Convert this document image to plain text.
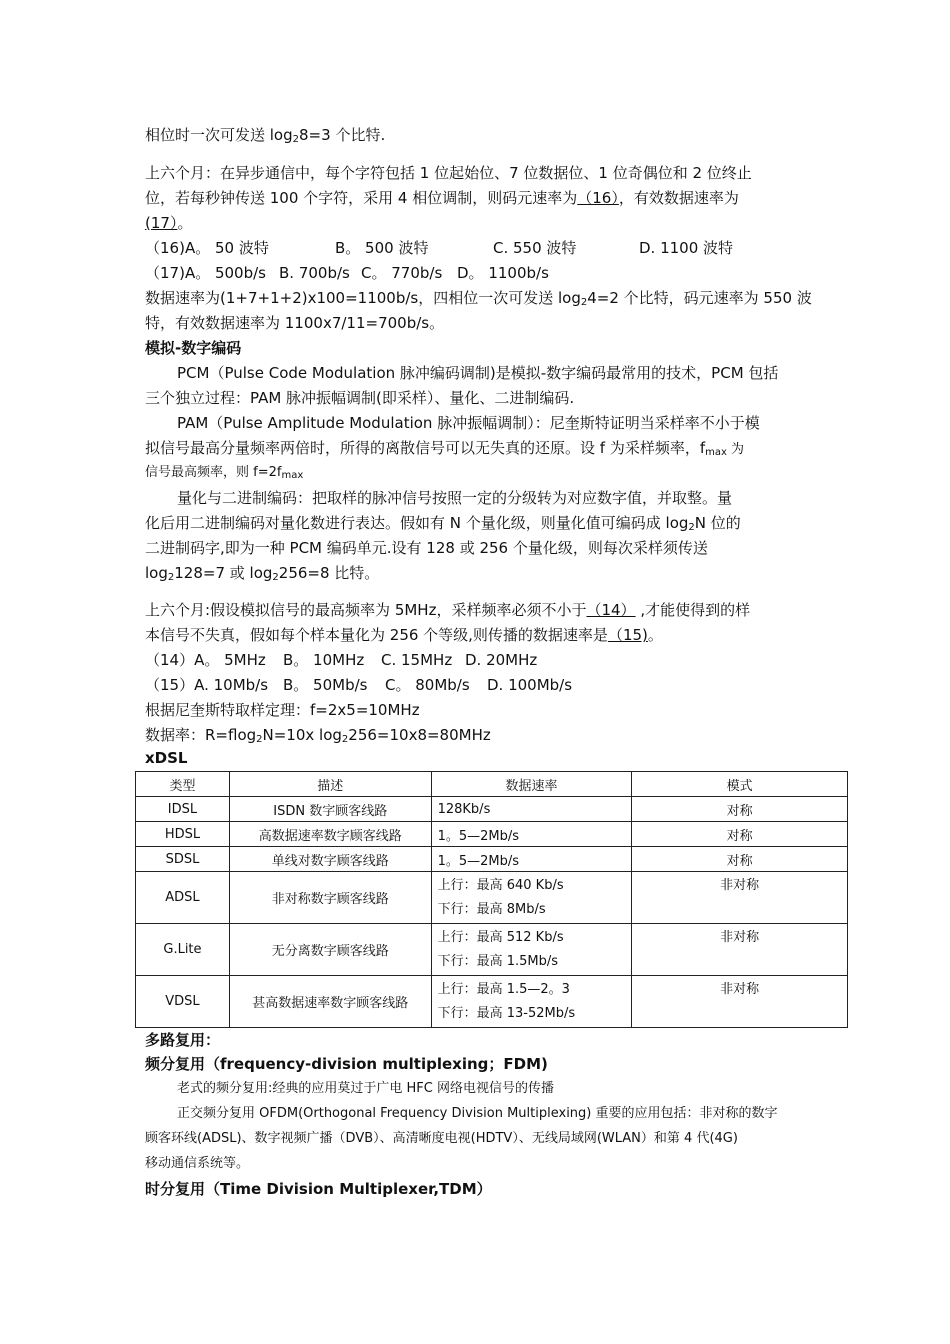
相位时一次可发送 $\log_28=3$ 个比特.
上六个月：在异步通信中，每个字符包括 1 位起始位、7 位数据位、1 位奇偶位和 2 位终止
位，若每秒钟传送 100 个字符，采用 4 相位调制，则码元速率为（16），有效数据速率为
(17）。
（16)A。 50 波特	B。 500 波特	C. 550 波特	D. 1100 波特
（17)A。 500b/s B. 700b/s C。 770b/s D。 1100b/s
数据速率为(1+7+1+2)x100=1100b/s，四相位一次可发送 $\log_24=2$ 个比特，码元速率为 550 波
特，有效数据速率为 1100x7/11=700b/s。
模拟-数字编码
PCM（Pulse Code Modulation 脉冲编码调制)是模拟-数字编码最常用的技术，PCM 包括
三个独立过程：PAM 脉冲振幅调制(即采样）、量化、二进制编码.
PAM（Pulse Amplitude Modulation 脉冲振幅调制）：尼奎斯特证明当采样率不小于模
拟信号最高分量频率两倍时，所得的离散信号可以无失真的还原。设 f 为采样频率，$f_{max}$ 为
信号最高频率，则 $f=2f_{max}$
量化与二进制编码：把取样的脉冲信号按照一定的分级转为对应数字值，并取整。量
化后用二进制编码对量化数进行表达。假如有 N 个量化级，则量化值可编码成 $\log_2N$ 位的
二进制码字,即为一种 PCM 编码单元.设有 128 或 256 个量化级，则每次采样须传送
$\log_2128=7$ 或 $\log_2256=8$ 比特。
上六个月:假设模拟信号的最高频率为 5MHz，采样频率必须不小于（14） ,才能使得到的样
本信号不失真，假如每个样本量化为 256 个等级,则传播的数据速率是（15)。
（14）A。 5MHz B。 10MHz C. 15MHz D. 20MHz
（15）A. 10Mb/s B。 50Mb/s C。 80Mb/s D. 100Mb/s
根据尼奎斯特取样定理：f=2x5=10MHz
数据率：R=flog$_2$N=10x $\log_2256=10x8=80MHz$
xDSL
类型	描述	数据速率	模式
IDSL	ISDN 数字顾客线路	128Kb/s	对称
HDSL	高数据速率数字顾客线路	1。5—2Mb/s	对称
SDSL	单线对数字顾客线路	1。5—2Mb/s	对称
ADSL	非对称数字顾客线路	上行：最高 640 Kb/s
下行：最高 8Mb/s	非对称
G.Lite	无分离数字顾客线路	上行：最高 512 Kb/s
下行：最高 1.5Mb/s	非对称
VDSL	甚高数据速率数字顾客线路	上行：最高 1.5—2。3
下行：最高 13-52Mb/s	非对称
多路复用：
频分复用（frequency-division multiplexing；FDM)
老式的频分复用:经典的应用莫过于广电 HFC 网络电视信号的传播
正交频分复用 OFDM(Orthogonal Frequency Division Multiplexing) 重要的应用包括：非对称的数字
顾客环线(ADSL)、数字视频广播（DVB）、高清晰度电视(HDTV）、无线局域网(WLAN）和第 4 代(4G)
移动通信系统等。
时分复用（Time Division Multiplexer,TDM）
